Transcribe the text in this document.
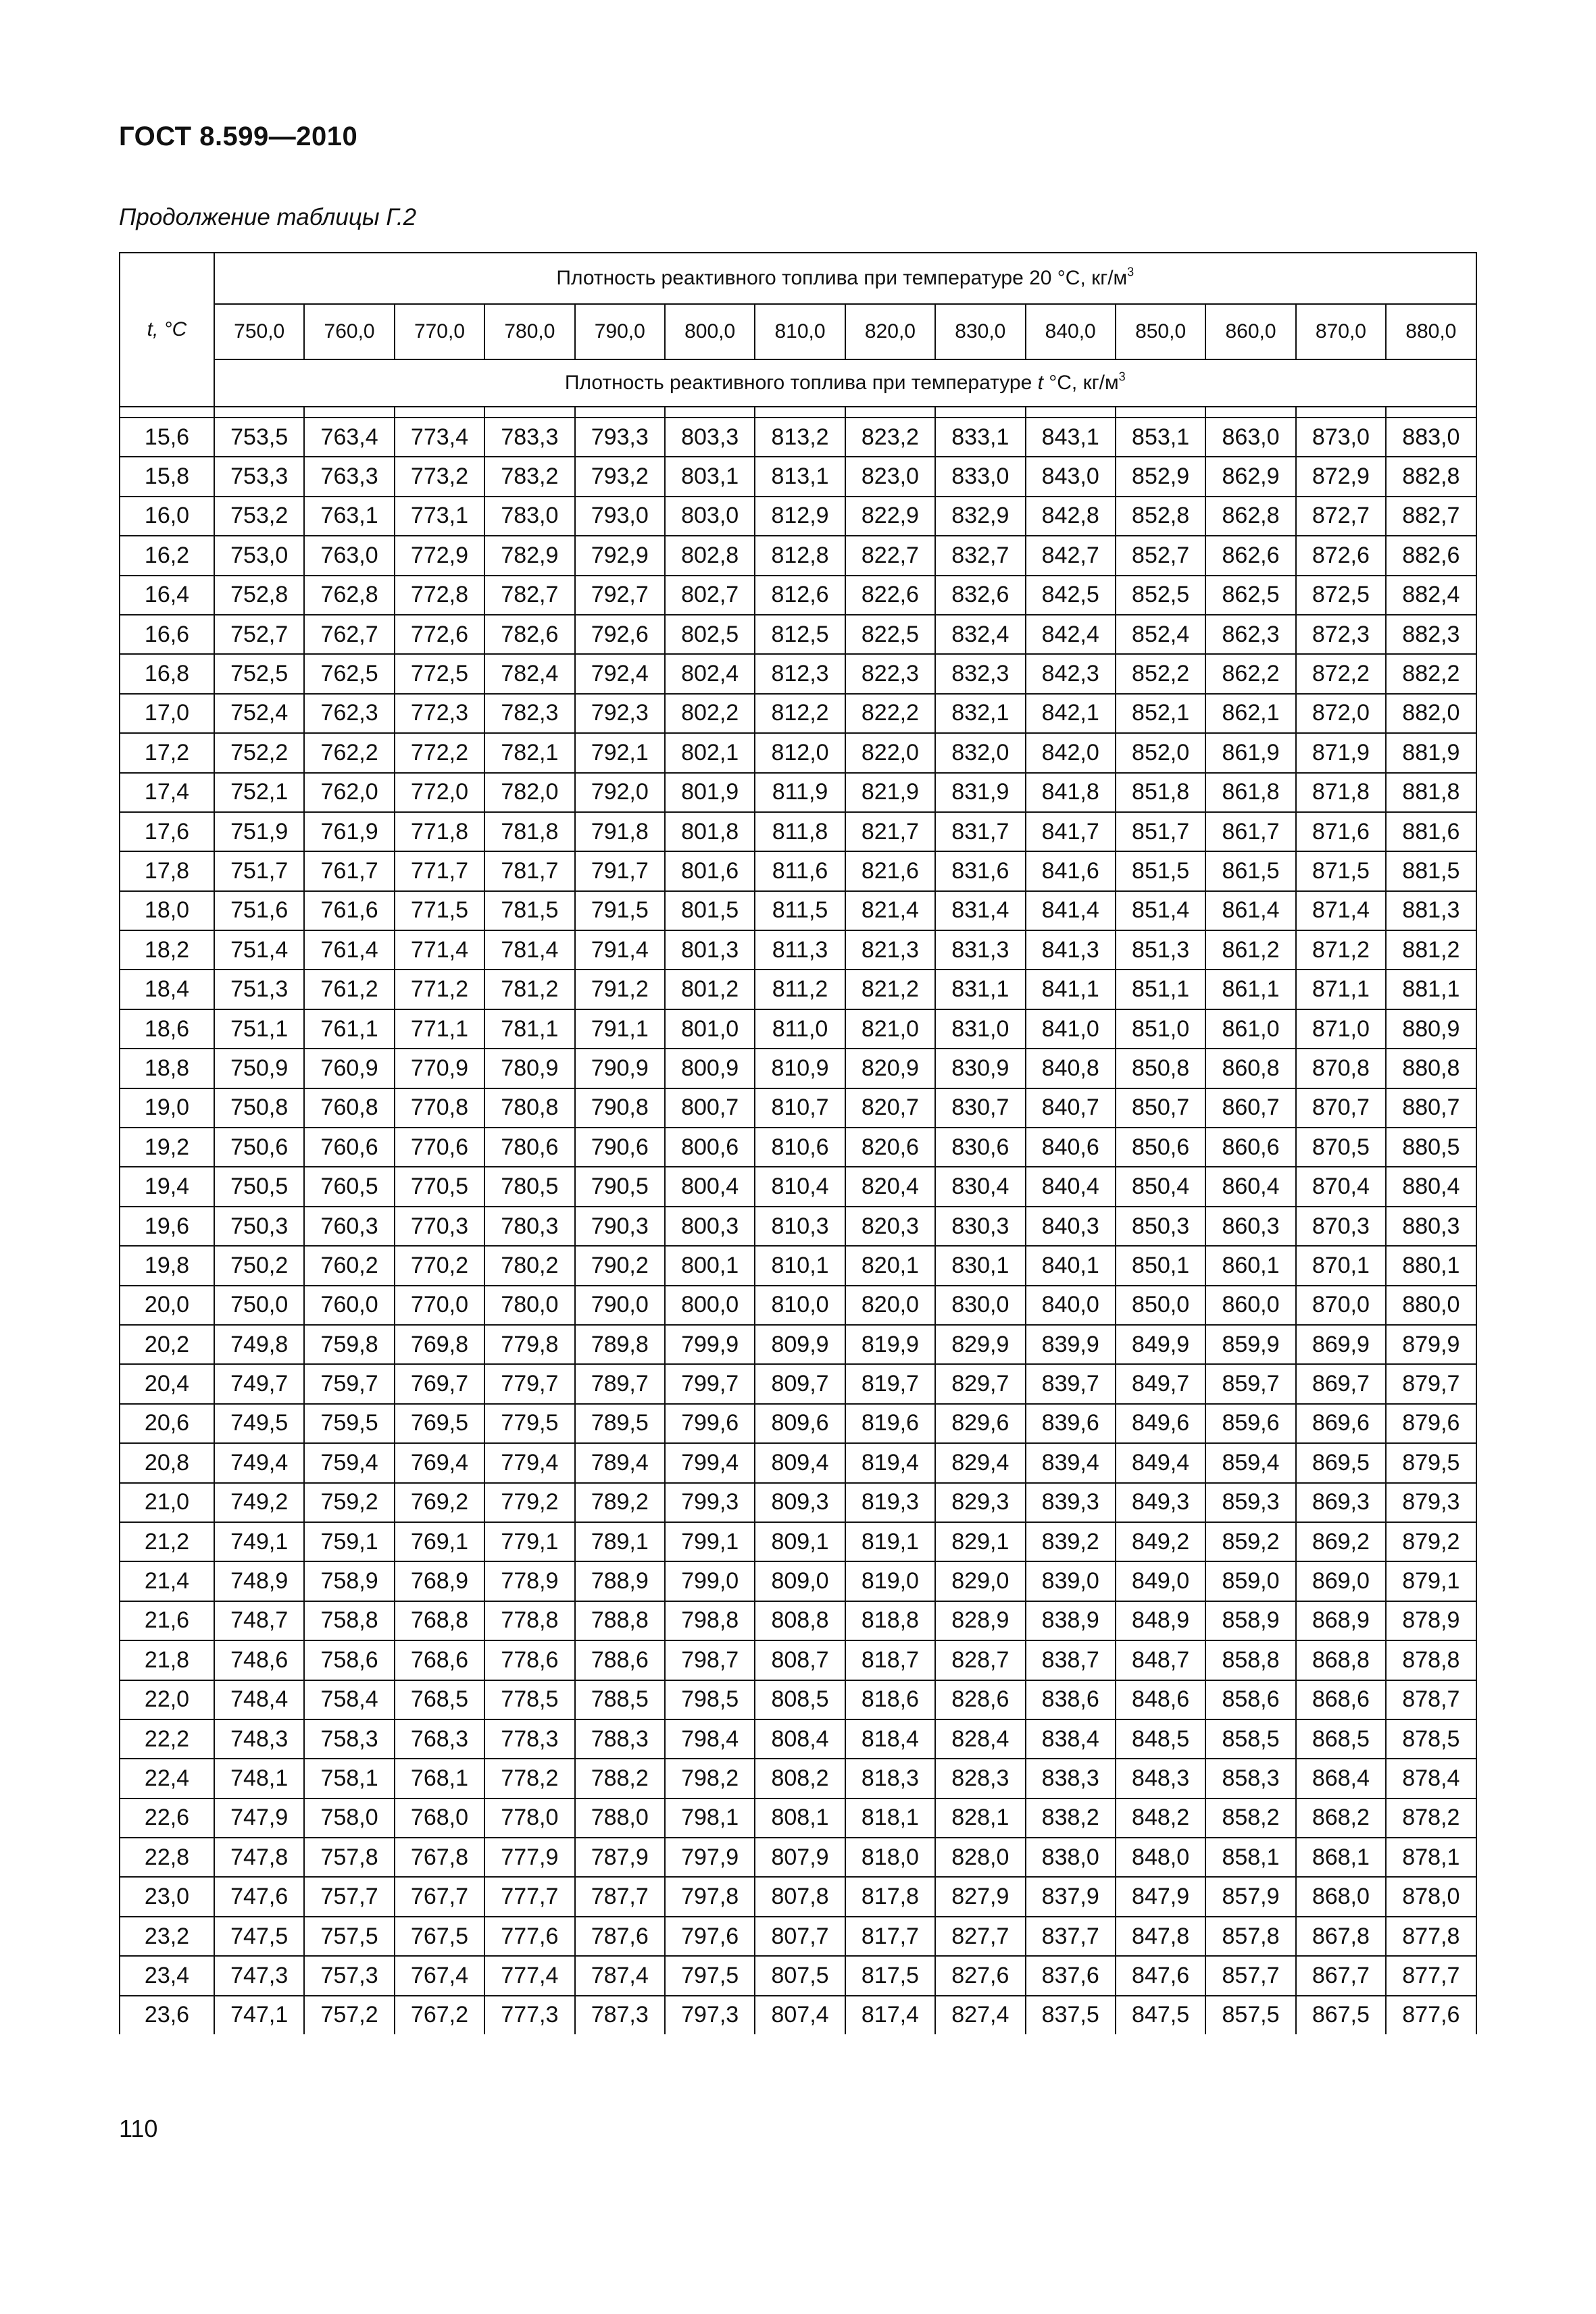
ГОСТ 8.599—2010
Продолжение таблицы Г.2
t, °C	Плотность реактивного топлива при температуре 20 °С, $кг/м^3$
	750,0	760,0	770,0	780,0	790,0	800,0	810,0	820,0	830,0	840,0	850,0	860,0	870,0	880,0
	Плотность реактивного топлива при температуре t °С, $кг/м^3$

15,6	753,5	763,4	773,4	783,3	793,3	803,3	813,2	823,2	833,1	843,1	853,1	863,0	873,0	883,0
15,8	753,3	763,3	773,2	783,2	793,2	803,1	813,1	823,0	833,0	843,0	852,9	862,9	872,9	882,8
16,0	753,2	763,1	773,1	783,0	793,0	803,0	812,9	822,9	832,9	842,8	852,8	862,8	872,7	882,7
16,2	753,0	763,0	772,9	782,9	792,9	802,8	812,8	822,7	832,7	842,7	852,7	862,6	872,6	882,6
16,4	752,8	762,8	772,8	782,7	792,7	802,7	812,6	822,6	832,6	842,5	852,5	862,5	872,5	882,4
16,6	752,7	762,7	772,6	782,6	792,6	802,5	812,5	822,5	832,4	842,4	852,4	862,3	872,3	882,3
16,8	752,5	762,5	772,5	782,4	792,4	802,4	812,3	822,3	832,3	842,3	852,2	862,2	872,2	882,2
17,0	752,4	762,3	772,3	782,3	792,3	802,2	812,2	822,2	832,1	842,1	852,1	862,1	872,0	882,0
17,2	752,2	762,2	772,2	782,1	792,1	802,1	812,0	822,0	832,0	842,0	852,0	861,9	871,9	881,9
17,4	752,1	762,0	772,0	782,0	792,0	801,9	811,9	821,9	831,9	841,8	851,8	861,8	871,8	881,8
17,6	751,9	761,9	771,8	781,8	791,8	801,8	811,8	821,7	831,7	841,7	851,7	861,7	871,6	881,6
17,8	751,7	761,7	771,7	781,7	791,7	801,6	811,6	821,6	831,6	841,6	851,5	861,5	871,5	881,5
18,0	751,6	761,6	771,5	781,5	791,5	801,5	811,5	821,4	831,4	841,4	851,4	861,4	871,4	881,3
18,2	751,4	761,4	771,4	781,4	791,4	801,3	811,3	821,3	831,3	841,3	851,3	861,2	871,2	881,2
18,4	751,3	761,2	771,2	781,2	791,2	801,2	811,2	821,2	831,1	841,1	851,1	861,1	871,1	881,1
18,6	751,1	761,1	771,1	781,1	791,1	801,0	811,0	821,0	831,0	841,0	851,0	861,0	871,0	880,9
18,8	750,9	760,9	770,9	780,9	790,9	800,9	810,9	820,9	830,9	840,8	850,8	860,8	870,8	880,8
19,0	750,8	760,8	770,8	780,8	790,8	800,7	810,7	820,7	830,7	840,7	850,7	860,7	870,7	880,7
19,2	750,6	760,6	770,6	780,6	790,6	800,6	810,6	820,6	830,6	840,6	850,6	860,6	870,5	880,5
19,4	750,5	760,5	770,5	780,5	790,5	800,4	810,4	820,4	830,4	840,4	850,4	860,4	870,4	880,4
19,6	750,3	760,3	770,3	780,3	790,3	800,3	810,3	820,3	830,3	840,3	850,3	860,3	870,3	880,3
19,8	750,2	760,2	770,2	780,2	790,2	800,1	810,1	820,1	830,1	840,1	850,1	860,1	870,1	880,1
20,0	750,0	760,0	770,0	780,0	790,0	800,0	810,0	820,0	830,0	840,0	850,0	860,0	870,0	880,0
20,2	749,8	759,8	769,8	779,8	789,8	799,9	809,9	819,9	829,9	839,9	849,9	859,9	869,9	879,9
20,4	749,7	759,7	769,7	779,7	789,7	799,7	809,7	819,7	829,7	839,7	849,7	859,7	869,7	879,7
20,6	749,5	759,5	769,5	779,5	789,5	799,6	809,6	819,6	829,6	839,6	849,6	859,6	869,6	879,6
20,8	749,4	759,4	769,4	779,4	789,4	799,4	809,4	819,4	829,4	839,4	849,4	859,4	869,5	879,5
21,0	749,2	759,2	769,2	779,2	789,2	799,3	809,3	819,3	829,3	839,3	849,3	859,3	869,3	879,3
21,2	749,1	759,1	769,1	779,1	789,1	799,1	809,1	819,1	829,1	839,2	849,2	859,2	869,2	879,2
21,4	748,9	758,9	768,9	778,9	788,9	799,0	809,0	819,0	829,0	839,0	849,0	859,0	869,0	879,1
21,6	748,7	758,8	768,8	778,8	788,8	798,8	808,8	818,8	828,9	838,9	848,9	858,9	868,9	878,9
21,8	748,6	758,6	768,6	778,6	788,6	798,7	808,7	818,7	828,7	838,7	848,7	858,8	868,8	878,8
22,0	748,4	758,4	768,5	778,5	788,5	798,5	808,5	818,6	828,6	838,6	848,6	858,6	868,6	878,7
22,2	748,3	758,3	768,3	778,3	788,3	798,4	808,4	818,4	828,4	838,4	848,5	858,5	868,5	878,5
22,4	748,1	758,1	768,1	778,2	788,2	798,2	808,2	818,3	828,3	838,3	848,3	858,3	868,4	878,4
22,6	747,9	758,0	768,0	778,0	788,0	798,1	808,1	818,1	828,1	838,2	848,2	858,2	868,2	878,2
22,8	747,8	757,8	767,8	777,9	787,9	797,9	807,9	818,0	828,0	838,0	848,0	858,1	868,1	878,1
23,0	747,6	757,7	767,7	777,7	787,7	797,8	807,8	817,8	827,9	837,9	847,9	857,9	868,0	878,0
23,2	747,5	757,5	767,5	777,6	787,6	797,6	807,7	817,7	827,7	837,7	847,8	857,8	867,8	877,8
23,4	747,3	757,3	767,4	777,4	787,4	797,5	807,5	817,5	827,6	837,6	847,6	857,7	867,7	877,7
23,6	747,1	757,2	767,2	777,3	787,3	797,3	807,4	817,4	827,4	837,5	847,5	857,5	867,5	877,6
110
